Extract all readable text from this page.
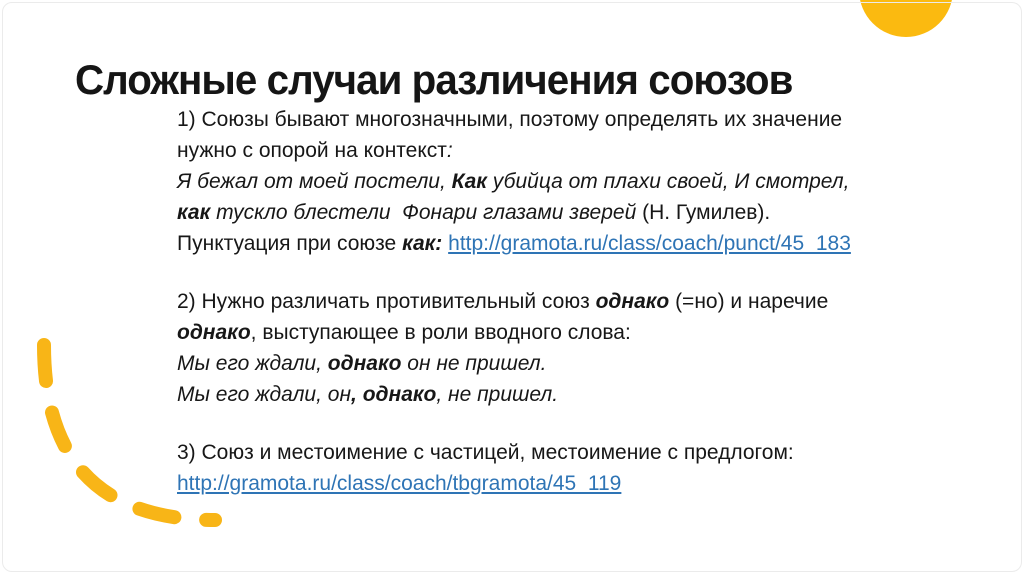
Сложные случаи различения союзов
1) Союзы бывают многозначными, поэтому определять их значение
нужно с опорой на контекст:
Я бежал от моей постели, Как убийца от плахи своей, И смотрел,
как тускло блестели  Фонари глазами зверей (Н. Гумилев).
Пунктуация при союзе как: http://gramota.ru/class/coach/punct/45_183
2) Нужно различать противительный союз однако (=но) и наречие
однако, выступающее в роли вводного слова:
Мы его ждали, однако он не пришел.
Мы его ждали, он, однако, не пришел.
3) Союз и местоимение с частицей, местоимение с предлогом:
http://gramota.ru/class/coach/tbgramota/45_119
